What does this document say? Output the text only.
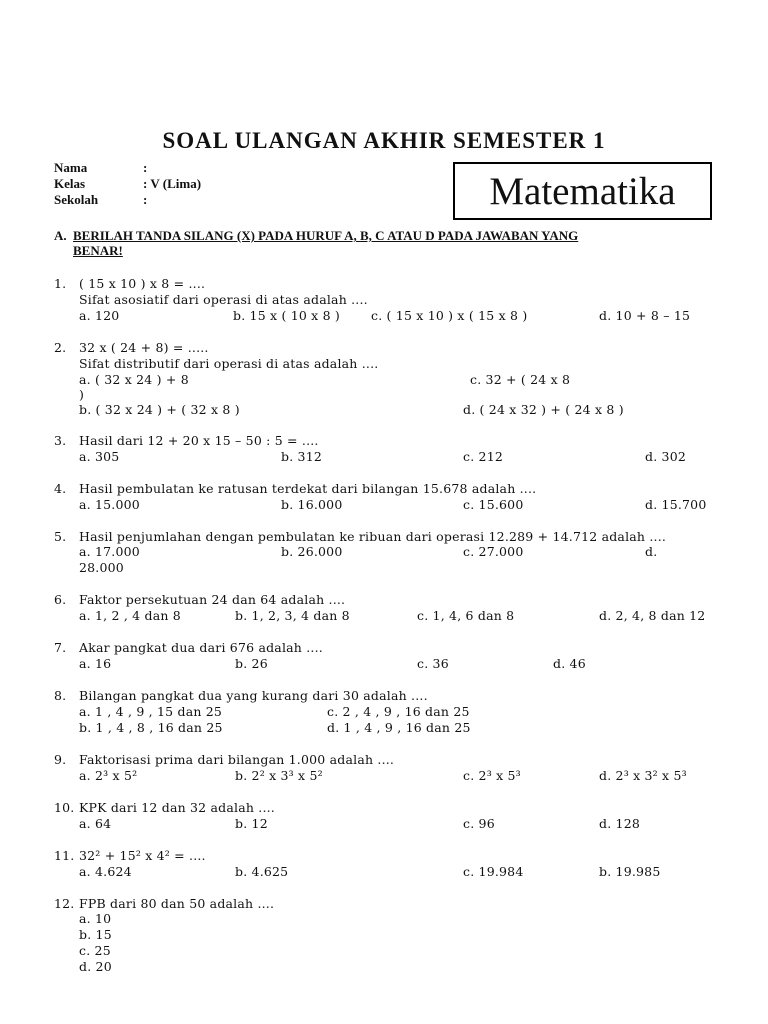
SOAL ULANGAN AKHIR SEMESTER 1
Nama	:
Kelas	: V (Lima)
Sekolah	:	Matematika
A. BERILAH TANDA SILANG (X) PADA HURUF A, B, C ATAU D PADA JAWABAN YANG
BENAR!
1. ( 15 x 10 ) x 8 = ....
Sifat asosiatif dari operasi di atas adalah ....
a. 120	b. 15 x ( 10 x 8 ) c. ( 15 x 10 ) x ( 15 x 8 )	d. 10 + 8 – 15
2. 32 x ( 24 + 8) = .....
Sifat distributif dari operasi di atas adalah ....
a. ( 32 x 24 ) + 8	c. 32 + ( 24 x 8
)
b. ( 32 x 24 ) + ( 32 x 8 )	d. ( 24 x 32 ) + ( 24 x 8 )
3. Hasil dari 12 + 20 x 15 – 50 : 5 = ....
a. 305	b. 312	c. 212	d. 302
4. Hasil pembulatan ke ratusan terdekat dari bilangan 15.678 adalah ....
a. 15.000	b. 16.000	c. 15.600	d. 15.700
5. Hasil penjumlahan dengan pembulatan ke ribuan dari operasi 12.289 + 14.712 adalah ....
a. 17.000	b. 26.000	c. 27.000	d.
28.000
6. Faktor persekutuan 24 dan 64 adalah ....
a. 1, 2 , 4 dan 8	b. 1, 2, 3, 4 dan 8	c. 1, 4, 6 dan 8	d. 2, 4, 8 dan 12
7. Akar pangkat dua dari 676 adalah ....
a. 16	b. 26	c. 36	d. 46
8. Bilangan pangkat dua yang kurang dari 30 adalah ....
a. 1 , 4 , 9 , 15 dan 25	c. 2 , 4 , 9 , 16 dan 25
b. 1 , 4 , 8 , 16 dan 25	d. 1 , 4 , 9 , 16 dan 25
9. Faktorisasi prima dari bilangan 1.000 adalah ....
a. 2³ x 5²	b. 2² x 3³ x 5²	c. 2³ x 5³	d. 2³ x 3² x 5³
10. KPK dari 12 dan 32 adalah ....
a. 64	b. 12	c. 96	d. 128
11. 32² + 15² x 4² = ....
a. 4.624	b. 4.625	c. 19.984	b. 19.985
12. FPB dari 80 dan 50 adalah ....
a. 10
b. 15
c. 25
d. 20
